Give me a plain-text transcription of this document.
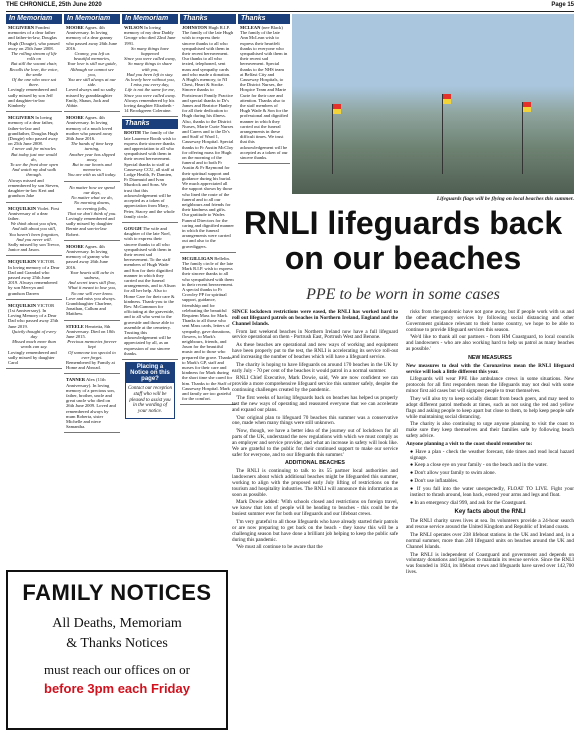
THE CHRONICLE, 25th June 2020	Page 15
In Memoriam
MCGIVERN Fondest memories of a dear father and father-in-law, Douglas Hugh (Dougie), who passed away on 25th June 2008.
The rolling stream of life rolls on
But still the vacant chair,
Recalls the love, the voice, the smile
Of the one who once sat there.
Lovingly remembered and sadly missed by son Jeff and daughter-in-law Kimberly
MCGIVERN In loving memory of a dear father, father-in-law and grandfather, Douglas Hugh (Dougie) who passed away on 25th June 2008.
I never ask for miracles
But today just one would do,
To see the front door open
And watch my dad walk through.
Always missed and remembered by son Steven, daughter-in-law Keri and grandson Jake
MCQUILKIN Violet. First Anniversary of a dear father.
We think about you often,
And talk about you still,
You haven't been forgotten,
And you never will.
Sadly missed by son Trevor, Janice and Jason.
MCQUILKIN VICTOR. In loving memory of a Dear Dad and Grandad who passed away 25th June 2019. Always remembered by son Mervyn and grandson Darren
MCQUILKIN VICTOR (1st Anniversary). In Loving Memory of a Dear Dad who passed away 25th June 2019.
Quietly thought of every day
Missed much more than words can say.
Lovingly remembered and sadly missed by daughter Carol
In Memoriam
MOORE Agnes. 4th Anniversary. In loving memory of a dear granny who passed away 26th June 2016.
Granny, you left us beautiful memories,
Your love is still our guide,
Although we cannot see you,
You are still always at our side.
Loved always and so sadly missed by granddaughter Emily, Shaun, Jack and Abbie.
MOORE Agnes. 4th Anniversary. In loving memory of a much loved mother who passed away 26th June 2016.
The hands of time keep turning,
Another year has slipped away,
But in our hearts and memories
You are with us still today.
No matter how we spend our days,
No matter what we do,
No morning dawns,
no evening falls,
That we don't think of you.
Lovingly remembered and sadly missed by daughter Bernie and son-in-law Robert.
MOORE Agnes. 4th Anniversary. In loving memory of granny who passed away 26th June 2016.
Your hearts still ache in sadness,
And secret tears still flow,
What it meant to lose you,
No one will ever know.
Love and miss you always. Granddaughter Charlene, Jonathan, Callum and Matthew.
STEELE Henrietta, 8th Anniversary. Died on 10th June 2015.
Precious memories forever kept
Of someone too special to ever forget.
Remembered by Family at Home and Abroad.
TANNER Alex (11th Anniversary). In loving memory of a precious son, father, brother, uncle and great uncle who died on 26th June 2009. Loved and remembered always by mum Roberta, sister Michelle and niece Samantha.
In Memoriam
WILSON In loving memory of my dear Daddy George who died 22nd June 1991.
So many things have happened
Since you were called away,
So many things to share with you,
Had you been left to stay.
As lovely here without you,
I miss you every day,
Life is not the same for me,
Since you were called away.
Always remembered by his loving daughter Elizabeth - 14 Brookgreen Coleraine.
Thanks
BOOTH The family of the late Laurence Booth wish to express their sincere thanks and appreciation to all who sympathised with them in their recent bereavement. Special thanks to staff at Causeway CCU, all staff at Lodge Health, Fr Damien, Fr Diarmuid and Ivan Murdock and Sons. We trust that this acknowledgement will be accepted as a token of appreciation from Mary, Peter, Stacey and the whole family circle.
GOUGH The wife and daughter of the late Noel, wish to express their sincere thanks to all who sympathised with them in their recent sad bereavement. To the staff members of Hugh Wade and Son for their dignified manner in which they carried out the funeral arrangements, and to Alison for all her help. Also to Home Care for their care & kindness. Thank-you to the Rev. McGammon for officiating at the graveside, and to all who went to the graveside and those able to assemble at the cemetery. Trusting this acknowledgement will be appreciated by all, as an expression of our sincere thanks.
Placing a Notice on this page?
Contact our reception staff who will be pleased to assist you in the wording of your notice.
Thanks
JOHNSTON Hugh R.I.P. The family of the late Hugh wish to express their sincere thanks to all who sympathised with them in their recent bereavement. Our thanks to all who texted, telephoned, sent mass and sympathy cards and who made a donation. A Hugh's memory, to NI Chest, Heart & Stroke. Sincere thanks to Portstewart Family Practice and special thanks to Dr's James and Beatrice Hanley for all their dedication to Hugh during his illness. Also, thanks to the District Nurses, Marie Curie Nurses and Carers and to the Dr's and Staff of Ward 1, Causeway Hospital. Special thanks to Fr Austin McCloy for offering mass for Hugh on the morning of the funeral and to both Fr Austin & Fr Raymond for their spiritual support and guidance during his burial. We much appreciated all the support shown by those who lined the route of the funeral and to all our neighbours and friends for their kindness and gifts. Our gratitude to Wades Funeral Directors for the caring and dignified manner in which the funeral arrangements were carried out and also to the gravediggers.
MCGILLIGAN Bellelin. The family circle of the late Mark R.I.P. wish to express their sincere thanks to all who sympathised with them in their recent bereavement. A special thanks to Fr Crowley PP for spiritual support, guidance, friendship and for celebrating the beautiful Requiem Mass for Mark. Thanks to all those who sent Mass cards, letters of sympathy, gave donations, flowers, to Mark's neighbours, friends, and Jason for the beautiful music and to those who prepared the grave. Thanks to Mark's GP, staff and nurses for their care and kindness for Mark during the short time she cared for him. Thanks to the Staff of Causeway Hospital. Mark and family are too grateful for the comfort.
FAMILY NOTICES
All Deaths, Memoriam
& Thanks Notices
must reach our offices on or
before 3pm each Friday
Thanks
MCLEAN (nee Black) The family of the late Ann McLean wish to express their heartfelt thanks to everyone who sympathised with them in their recent sad bereavement. Special thanks to the NHS team at Belfast City and Causeway Hospitals, to the District Nurses, the Hospice Team and Marie Curie for their care and attention. Thanks also to the staff members of Hugh Wade & Son for the professional and dignified manner in which they carried out the funeral arrangements in these difficult times. We trust that this acknowledgement will be accepted as a token of our sincere thanks.
Lifeguards flags will be flying on local beaches this summer.
RNLI lifeguards back on our beaches
PPE to be worn in some cases

SINCE lockdown restrictions were eased, the RNLI has worked hard to roll out lifeguard patrols on beaches in Northern Ireland, England and the Channel Islands.

From last weekend beaches in Northern Ireland now have a full lifeguard service operational on them - Portrush East, Portrush West and Benone.

As these beaches are operational and new ways of working and equipment have been properly put to the test, the RNLI is accelerating its service roll-out and increasing the number of beaches which will have a lifeguard service.

The charity is hoping to have lifeguards on around 170 beaches in the UK by early July - 70 per cent of the beaches it would patrol in a normal summer.

RNLI Chief Executive, Mark Dowie, said, 'We are now confident we can provide a more comprehensive lifeguard service this summer safely, despite the continuing challenges created by the pandemic.

'The first weeks of having lifeguards back on beaches has helped us properly test the new ways of operating and reassured everyone that we can accelerate and expand our plans.

'Our original plan to lifeguard 70 beaches this summer was a conservative one, made when many things were still unknown.

'Now, though, we have a better idea of the journey out of lockdown for all parts of the UK, understand the new regulations with which we must comply as an employer and service provider, and what an increase in safety will look like. We are grateful to the public for their continued support to make our service safer for everyone, and to our lifeguards this summer.'

ADDITIONAL BEACHES

The RNLI is continuing to talk to its 55 partner local authorities and landowners about which additional beaches might be lifeguarded this summer, working to align with the proposed early July lifting of restrictions on the tourism and hospitality industries. The RNLI will announce this information as soon as possible.

Mark Dowie added: 'With schools closed and restrictions on foreign travel, we know that lots of people will be heading to beaches - this could be the busiest summer ever for both our lifeguards and our lifeboat crews.

'I'm very grateful to all those lifeguards who have already started their patrols or are now preparing to get back on the beach - they know this will be a challenging season but have done a brilliant job helping to keep the public safe during this pandemic.

'We must all continue to be aware that the

risks from the pandemic have not gone away, but if people work with us and the other emergency services by following social distancing and other Government guidance relevant to their home country, we hope to be able to continue to provide lifeguard services this season.

'We'd like to thank all our partners - from HM Coastguard, to local councils and landowners - who are also working hard to help us patrol as many beaches as possible.'

NEW MEASURES

New measures to deal with the Coronavirus mean the RNLI lifeguard service will look a little different this year.

Lifeguards will wear PPE like ambulance crews in some situations. New protocols for all first responders mean the lifeguards may not deal with some minor first aid cases but will signpost people to treat themselves.

They will also try to keep socially distant from beach goers, and may need to adopt different patrol methods at times, such as not using the red and yellow flags and asking people to keep apart but close to them, to help keep people safe while maintaining social distancing.

The charity is also continuing to urge anyone planning to visit the coast to make sure they keep themselves and their families safe by following beach safety advice.

Anyone planning a visit to the coast should remember to:

● Have a plan - check the weather forecast, tide times and read local hazard signage.

● Keep a close eye on your family - on the beach and in the water.

● Don't allow your family to swim alone.

● Don't use inflatables.

● If you fall into the water unexpectedly, FLOAT TO LIVE. Fight your instinct to thrash around, lean back, extend your arms and legs and float.

● In an emergency dial 999, and ask for the Coastguard.

Key facts about the RNLI

The RNLI charity saves lives at sea. Its volunteers provide a 24-hour search and rescue service around the United Kingdom and Republic of Ireland coasts.

The RNLI operates over 238 lifeboat stations in the UK and Ireland and, in a normal summer, more than 240 lifeguard units on beaches around the UK and Channel Islands.

The RNLI is independent of Coastguard and government and depends on voluntary donations and legacies to maintain its rescue service. Since the RNLI was founded in 1824, its lifeboat crews and lifeguards have saved over 142,700 lives.
